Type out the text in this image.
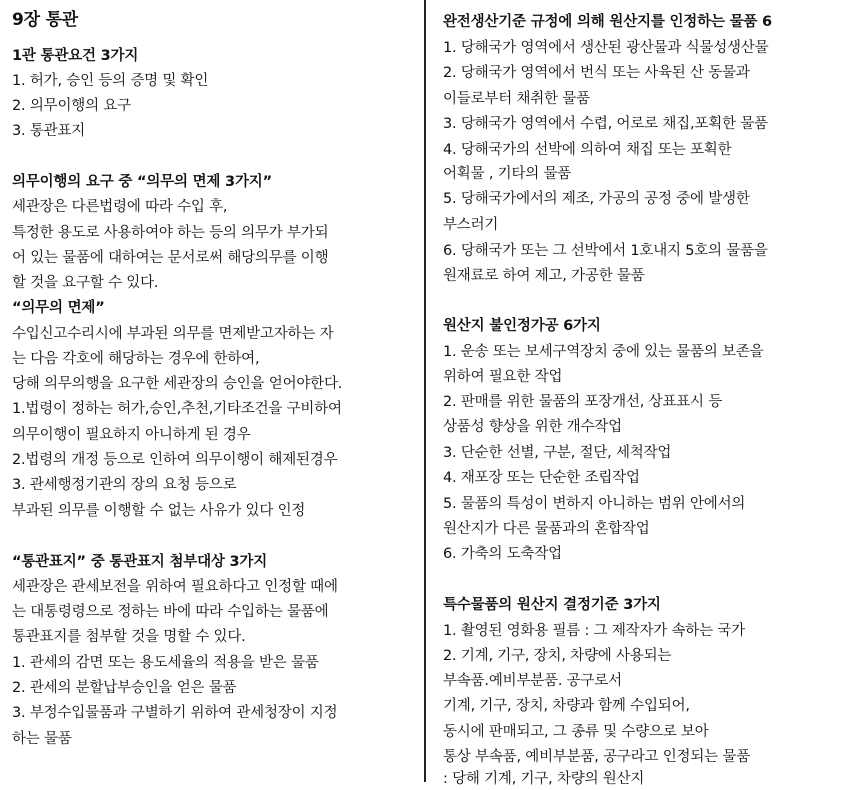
9장 통관
1관 통관요건 3가지
1. 허가, 승인 등의 증명 및 확인
2. 의무이행의 요구
3. 통관표지
의무이행의 요구 중 “의무의 면제 3가지”
세관장은 다른법령에 따라 수입 후,
특정한 용도로 사용하여야 하는 등의 의무가 부가되
어 있는 물품에 대하여는 문서로써 해당의무를 이행
할 것을 요구할 수 있다.
“의무의 면제”
수입신고수리시에 부과된 의무를 면제받고자하는 자
는 다음 각호에 해당하는 경우에 한하여,
당해 의무의행을 요구한 세관장의 승인을 얻어야한다.
1.법령이 정하는 허가,승인,추천,기타조건을 구비하여
의무이행이 필요하지 아니하게 된 경우
2.법령의 개정 등으로 인하여 의무이행이 해제된경우
3. 관세행정기관의 장의 요청 등으로
부과된 의무를 이행할 수 없는 사유가 있다 인정
“통관표지” 중 통관표지 첨부대상 3가지
세관장은 관세보전을 위하여 필요하다고 인정할 때에
는 대통령령으로 정하는 바에 따라 수입하는 물품에
통관표지를 첨부할 것을 명할 수 있다.
1. 관세의 감면 또는 용도세율의 적용을 받은 물품
2. 관세의 분할납부승인을 얻은 물품
3. 부정수입물품과 구별하기 위하여 관세청장이 지정
하는 물품
완전생산기준 규정에 의해 원산지를 인정하는 물품 6
1. 당해국가 영역에서 생산된 광산물과 식물성생산물
2. 당해국가 영역에서 번식 또는 사육된 산 동물과
이들로부터 채취한 물품
3. 당해국가 영역에서 수렵, 어로로 채집,포획한 물품
4. 당해국가의 선박에 의하여 채집 또는 포획한
어획물 , 기타의 물품
5. 당해국가에서의 제조, 가공의 공정 중에 발생한
부스러기
6. 당해국가 또는 그 선박에서 1호내지 5호의 물품을
원재료로 하여 제고, 가공한 물품
원산지 불인정가공 6가지
1. 운송 또는 보세구역장치 중에 있는 물품의 보존을
위하여 필요한 작업
2. 판매를 위한 물품의 포장개선, 상표표시 등
상품성 향상을 위한 개수작업
3. 단순한 선별, 구분, 절단, 세척작업
4. 재포장 또는 단순한 조립작업
5. 물품의 특성이 변하지 아니하는 범위 안에서의
원산지가 다른 물품과의 혼합작업
6. 가축의 도축작업
특수물품의 원산지 결정기준 3가지
1. 촬영된 영화용 필름 : 그 제작자가 속하는 국가
2. 기계, 기구, 장치, 차량에 사용되는
부속품.예비부분품. 공구로서
기계, 기구, 장치, 차량과 함께 수입되어,
동시에 판매되고, 그 종류 및 수량으로 보아
통상 부속품, 예비부분품, 공구라고 인정되는 물품
: 당해 기계, 기구, 차량의 원산지
